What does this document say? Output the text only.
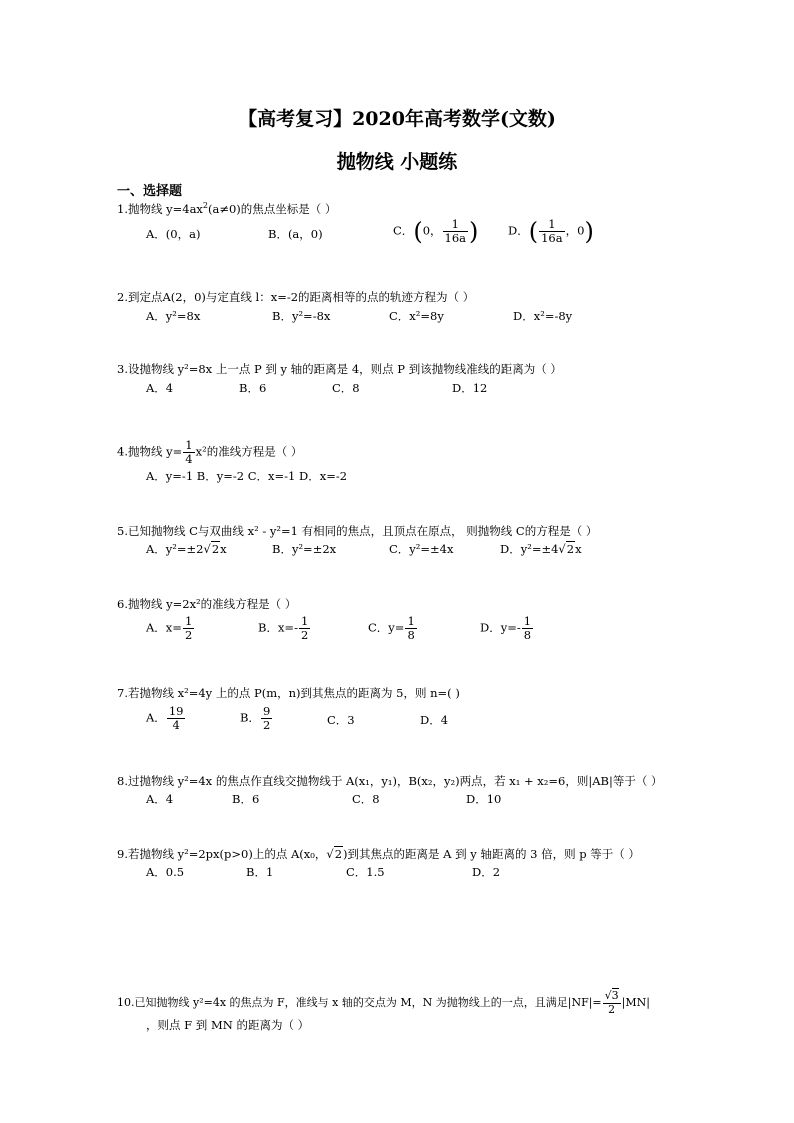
【高考复习】2020年高考数学(文数)
抛物线 小题练
一、选择题
1.抛物线 $y=4ax^2(a\ne 0)$的焦点坐标是（ ）
A．(0，a)	B．(a，0)	C．(0， $\frac{1}{16a}$ )	D．( $\frac{1}{16a}$ ，0)
2.到定点A(2，0)与定直线 l：x=-2的距离相等的点的轨迹方程为（ ）
A．y²=8x	B．y²=-8x	C．x²=8y	D．x²=-8y
3.设抛物线 y²=8x 上一点 P 到 y 轴的距离是 4，则点 P 到该抛物线准线的距离为（ ）
A．4	B．6	C．8	D．12
4.抛物线 $y= \frac{1}{4} x^2$的准线方程是（ ）
A．y=-1 B．y=-2 C．x=-1 D．x=-2
5.已知抛物线 C与双曲线 x² - y²=1 有相同的焦点，且顶点在原点， 则抛物线 C的方程是（ ）
A．y²=±2√2x	B．y²=±2x	C．y²=±4x	D．y²=±4√2x
6.抛物线 y=2x²的准线方程是（ ）
A．$x= \frac{1}{2}$	B．$x=- \frac{1}{2}$	C．$y= \frac{1}{8}$	D．$y=- \frac{1}{8}$
7.若抛物线 x²=4y 上的点 P(m，n)到其焦点的距离为 5，则 n=( )
A． $\frac{19}{4}$	B． $\frac{9}{2}$	C．3	D．4
8.过抛物线 y²=4x 的焦点作直线交抛物线于 A(x₁，y₁)，B(x₂，y₂)两点，若 x₁ + x₂=6，则|AB|等于（ ）
A．4	B．6	C．8	D．10
9.若抛物线 y²=2px(p>0)上的点 A(x₀，√2)到其焦点的距离是 A 到 y 轴距离的 3 倍，则 p 等于（ ）
A．0.5	B．1	C．1.5	D．2
10.已知抛物线 y²=4x 的焦点为 F，准线与 x 轴的交点为 M，N 为抛物线上的一点，且满足$|NF|= \frac{√3}{2} |MN|$
，则点 F 到 MN 的距离为（ ）
